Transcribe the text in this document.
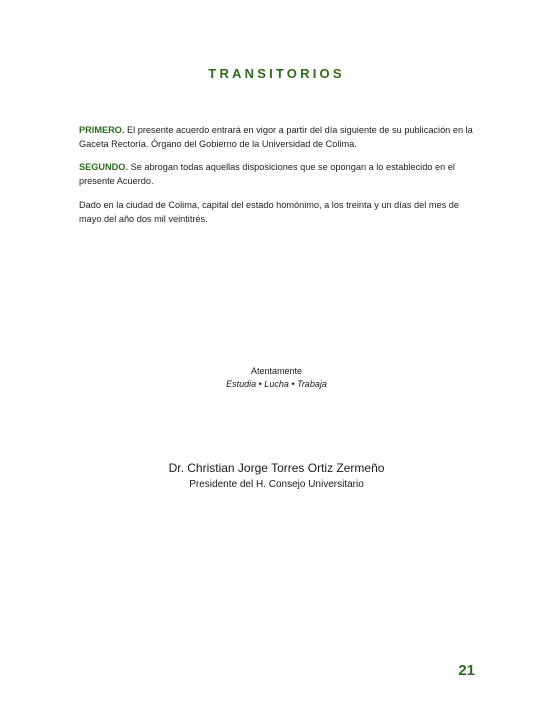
TRANSITORIOS

PRIMERO. El presente acuerdo entrará en vigor a partir del día siguiente de su publicación en la Gaceta Rectoría. Órgano del Gobierno de la Universidad de Colima.

SEGUNDO. Se abrogan todas aquellas disposiciones que se opongan a lo establecido en el presente Acuerdo.

Dado en la ciudad de Colima, capital del estado homónimo, a los treinta y un días del mes de mayo del año dos mil veintitrés.

Atentamente
Estudia • Lucha • Trabaja
Dr. Christian Jorge Torres Ortiz Zermeño
Presidente del H. Consejo Universitario
21
